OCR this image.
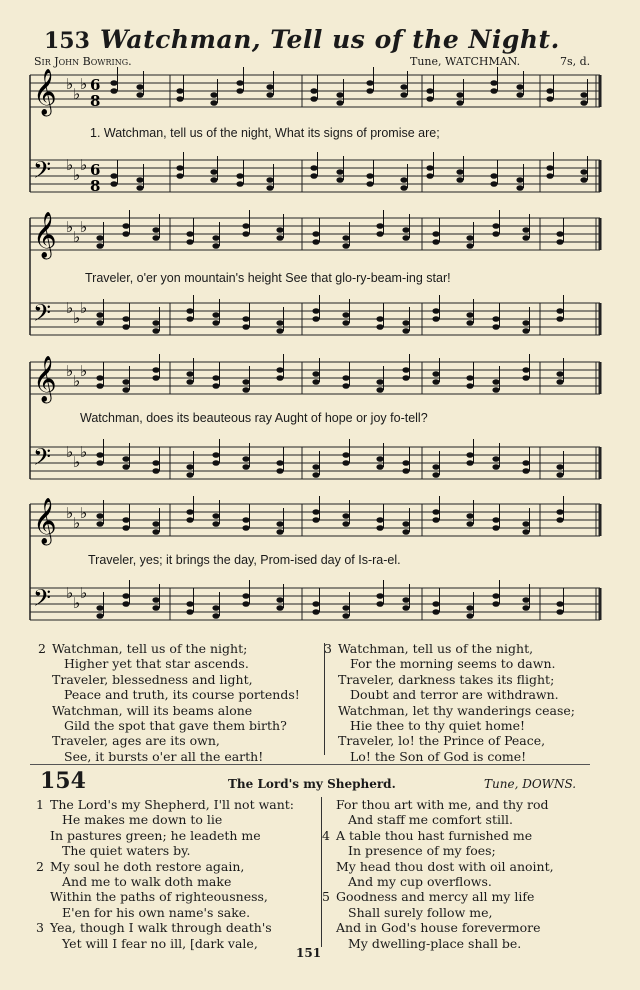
153 Watchman, Tell us of the Night.
Sir John Bowring.	Tune, WATCHMAN.	7s, d.
𝄞 ♭
♭
♭ 6
8
𝄢 ♭
♭
♭ 6
8
𝄞 ♭
♭
♭
𝄢 ♭
♭
♭
𝄞 ♭
♭
♭
𝄢 ♭
♭
♭
𝄞 ♭
♭
♭
𝄢 ♭
♭
♭
1. Watchman, tell us of the night, What its signs of promise are;
Traveler, o'er yon mountain's height See that glo-ry-beam-ing star!
Watchman, does its beauteous ray Aught of hope or joy fo-tell?
Traveler, yes; it brings the day, Prom-ised day of Is-ra-el.
2 Watchman, tell us of the night;
Higher yet that star ascends.
Traveler, blessedness and light,
Peace and truth, its course portends!
Watchman, will its beams alone
Gild the spot that gave them birth?
Traveler, ages are its own,
See, it bursts o'er all the earth!
3 Watchman, tell us of the night,
For the morning seems to dawn.
Traveler, darkness takes its flight;
Doubt and terror are withdrawn.
Watchman, let thy wanderings cease;
Hie thee to thy quiet home!
Traveler, lo! the Prince of Peace,
Lo! the Son of God is come!
154	The Lord's my Shepherd.	Tune, DOWNS.
1 The Lord's my Shepherd, I'll not want:
He makes me down to lie
In pastures green; he leadeth me
The quiet waters by.
2 My soul he doth restore again,
And me to walk doth make
Within the paths of righteousness,
E'en for his own name's sake.
3 Yea, though I walk through death's
Yet will I fear no ill, [dark vale,
For thou art with me, and thy rod
And staff me comfort still.
4 A table thou hast furnished me
In presence of my foes;
My head thou dost with oil anoint,
And my cup overflows.
5 Goodness and mercy all my life
Shall surely follow me,
And in God's house forevermore
My dwelling-place shall be.
151
